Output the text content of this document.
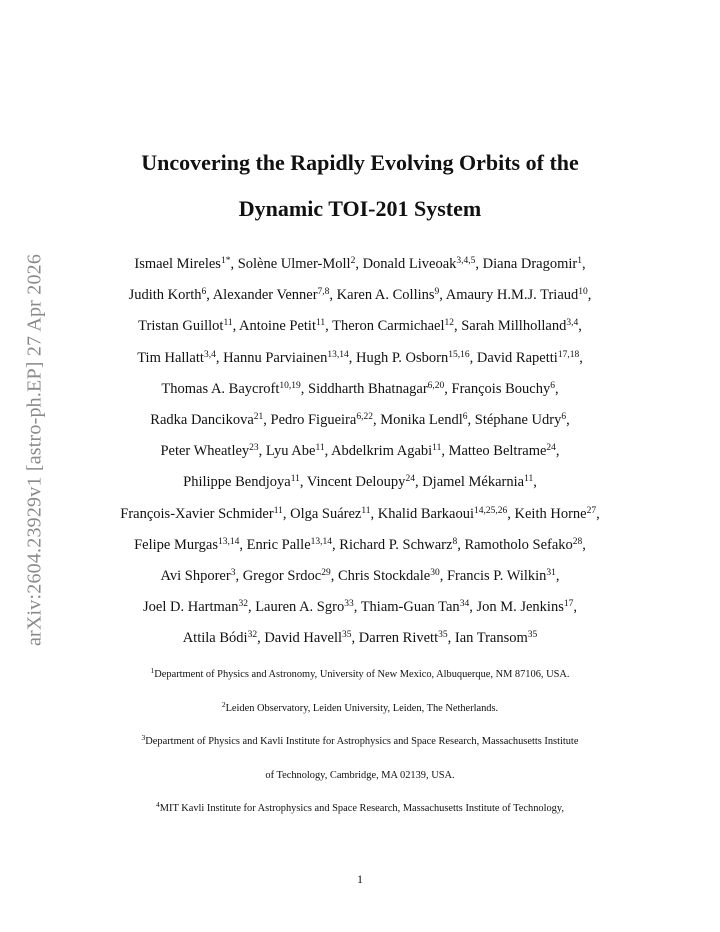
arXiv:2604.23929v1 [astro-ph.EP] 27 Apr 2026
Uncovering the Rapidly Evolving Orbits of the
Dynamic TOI-201 System
Ismael Mireles$^{1*}$, Solène Ulmer-Moll$^2$, Donald Liveoak$^{3,4,5}$, Diana Dragomir$^1$,
Judith Korth$^6$, Alexander Venner$^{7,8}$, Karen A. Collins$^9$, Amaury H.M.J. Triaud$^{10}$,
Tristan Guillot$^{11}$, Antoine Petit$^{11}$, Theron Carmichael$^{12}$, Sarah Millholland$^{3,4}$,
Tim Hallatt$^{3,4}$, Hannu Parviainen$^{13,14}$, Hugh P. Osborn$^{15,16}$, David Rapetti$^{17,18}$,
Thomas A. Baycroft$^{10,19}$, Siddharth Bhatnagar$^{6,20}$, François Bouchy$^6$,
Radka Dancikova$^{21}$, Pedro Figueira$^{6,22}$, Monika Lendl$^6$, Stéphane Udry$^6$,
Peter Wheatley$^{23}$, Lyu Abe$^{11}$, Abdelkrim Agabi$^{11}$, Matteo Beltrame$^{24}$,
Philippe Bendjoya$^{11}$, Vincent Deloupy$^{24}$, Djamel Mékarnia$^{11}$,
François-Xavier Schmider$^{11}$, Olga Suárez$^{11}$, Khalid Barkaoui$^{14,25,26}$, Keith Horne$^{27}$,
Felipe Murgas$^{13,14}$, Enric Palle$^{13,14}$, Richard P. Schwarz$^8$, Ramotholo Sefako$^{28}$,
Avi Shporer$^3$, Gregor Srdoc$^{29}$, Chris Stockdale$^{30}$, Francis P. Wilkin$^{31}$,
Joel D. Hartman$^{32}$, Lauren A. Sgro$^{33}$, Thiam-Guan Tan$^{34}$, Jon M. Jenkins$^{17}$,
Attila Bódi$^{32}$, David Havell$^{35}$, Darren Rivett$^{35}$, Ian Transom$^{35}$
$^1$Department of Physics and Astronomy, University of New Mexico, Albuquerque, NM 87106, USA.
$^2$Leiden Observatory, Leiden University, Leiden, The Netherlands.
$^3$Department of Physics and Kavli Institute for Astrophysics and Space Research, Massachusetts Institute
of Technology, Cambridge, MA 02139, USA.
$^4$MIT Kavli Institute for Astrophysics and Space Research, Massachusetts Institute of Technology,
1
